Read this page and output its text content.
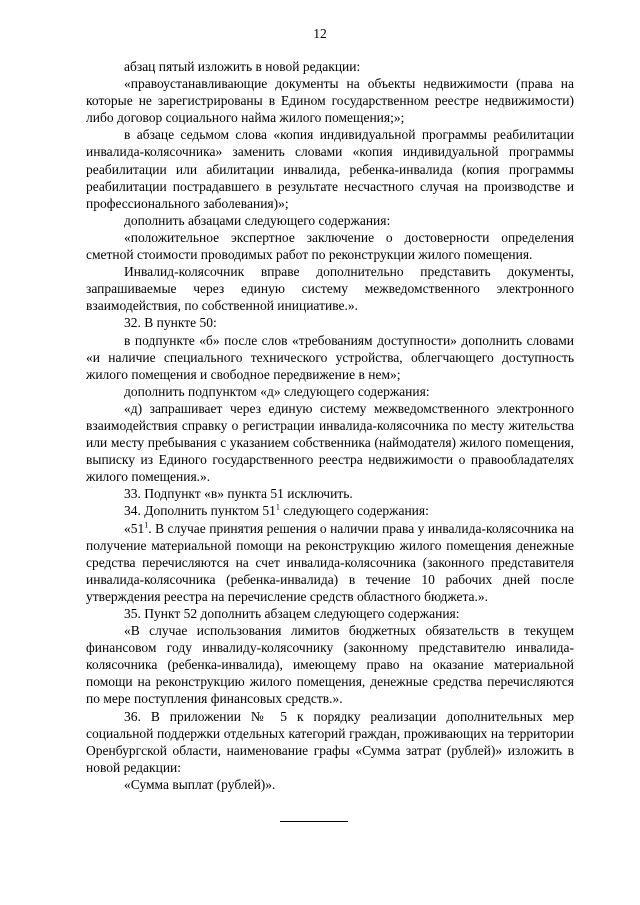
12

абзац пятый изложить в новой редакции:

«правоустанавливающие документы на объекты недвижимости (права на которые не зарегистрированы в Едином государственном реестре недвижимости) либо договор социального найма жилого помещения;»;

в абзаце седьмом слова «копия индивидуальной программы реабилитации инвалида-колясочника» заменить словами «копия индивидуальной программы реабилитации или абилитации инвалида, ребенка-инвалида (копия программы реабилитации пострадавшего в результате несчастного случая на производстве и профессионального заболевания)»;

дополнить абзацами следующего содержания:

«положительное экспертное заключение о достоверности определения сметной стоимости проводимых работ по реконструкции жилого помещения.

Инвалид-колясочник вправе дополнительно представить документы, запрашиваемые через единую систему межведомственного электронного взаимодействия, по собственной инициативе.».

32. В пункте 50:

в подпункте «б» после слов «требованиям доступности» дополнить словами «и наличие специального технического устройства, облегчающего доступность жилого помещения и свободное передвижение в нем»;

дополнить подпунктом «д» следующего содержания:

«д) запрашивает через единую систему межведомственного электронного взаимодействия справку о регистрации инвалида-колясочника по месту жительства или месту пребывания с указанием собственника (наймодателя) жилого помещения, выписку из Единого государственного реестра недвижимости о правообладателях жилого помещения.».

33. Подпункт «в» пункта 51 исключить.

34. Дополнить пунктом $51^1$ следующего содержания:

«$51^1$. В случае принятия решения о наличии права у инвалида-колясочника на получение материальной помощи на реконструкцию жилого помещения денежные средства перечисляются на счет инвалида-колясочника (законного представителя инвалида-колясочника (ребенка-инвалида) в течение 10 рабочих дней после утверждения реестра на перечисление средств областного бюджета.».

35. Пункт 52 дополнить абзацем следующего содержания:

«В случае использования лимитов бюджетных обязательств в текущем финансовом году инвалиду-колясочнику (законному представителю инвалида-колясочника (ребенка-инвалида), имеющему право на оказание материальной помощи на реконструкцию жилого помещения, денежные средства перечисляются по мере поступления финансовых средств.».

36. В приложении № 5 к порядку реализации дополнительных мер социальной поддержки отдельных категорий граждан, проживающих на территории Оренбургской области, наименование графы «Сумма затрат (рублей)» изложить в новой редакции:

«Сумма выплат (рублей)».
